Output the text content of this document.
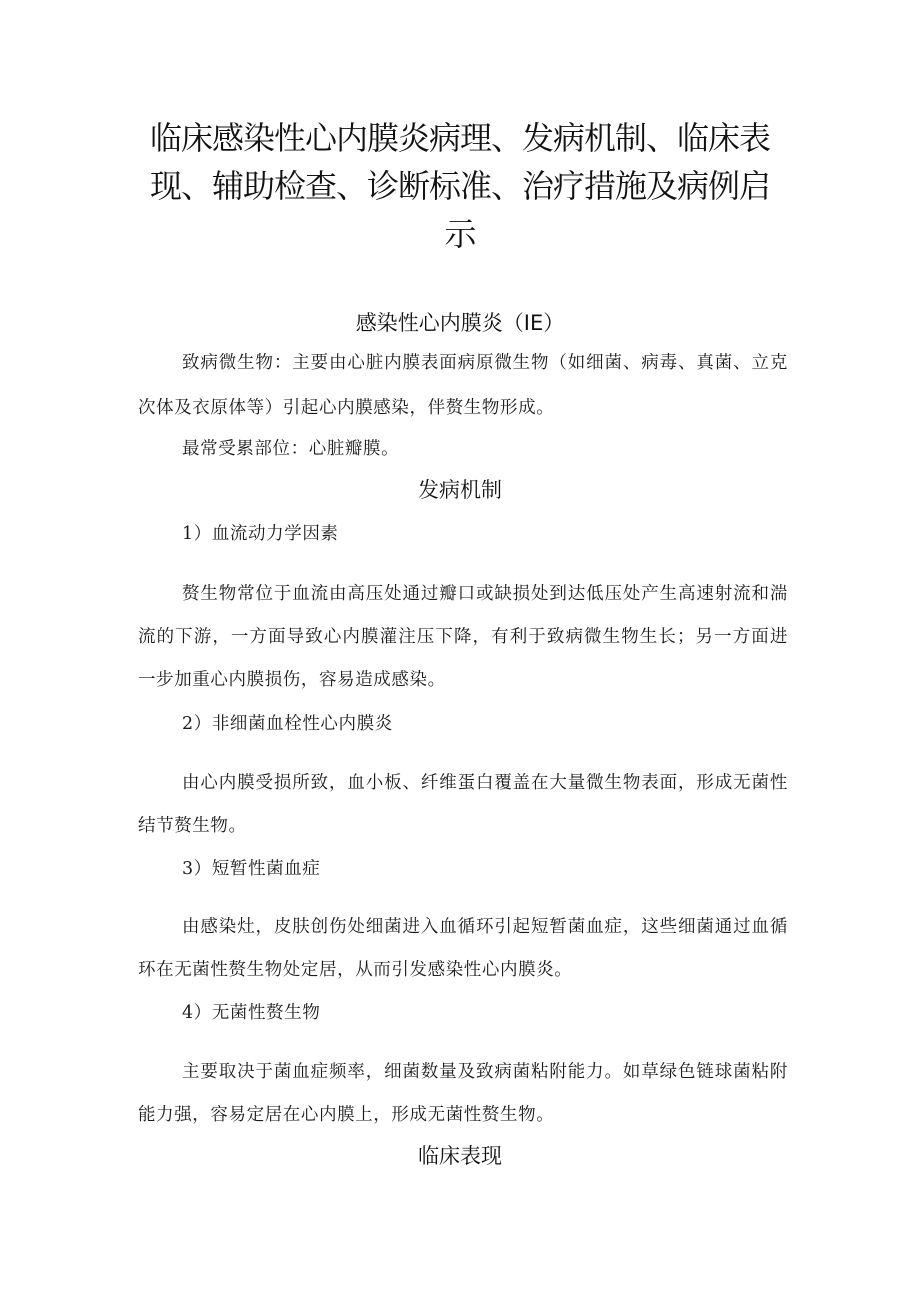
临床感染性心内膜炎病理、发病机制、临床表现、辅助检查、诊断标准、治疗措施及病例启示
感染性心内膜炎（IE）

致病微生物：主要由心脏内膜表面病原微生物（如细菌、病毒、真菌、立克次体及衣原体等）引起心内膜感染，伴赘生物形成。

最常受累部位：心脏瓣膜。

发病机制

1）血流动力学因素

赘生物常位于血流由高压处通过瓣口或缺损处到达低压处产生高速射流和湍流的下游，一方面导致心内膜灌注压下降，有利于致病微生物生长；另一方面进一步加重心内膜损伤，容易造成感染。

2）非细菌血栓性心内膜炎

由心内膜受损所致，血小板、纤维蛋白覆盖在大量微生物表面，形成无菌性结节赘生物。

3）短暂性菌血症

由感染灶，皮肤创伤处细菌进入血循环引起短暂菌血症，这些细菌通过血循环在无菌性赘生物处定居，从而引发感染性心内膜炎。

4）无菌性赘生物

主要取决于菌血症频率，细菌数量及致病菌粘附能力。如草绿色链球菌粘附能力强，容易定居在心内膜上，形成无菌性赘生物。

临床表现
